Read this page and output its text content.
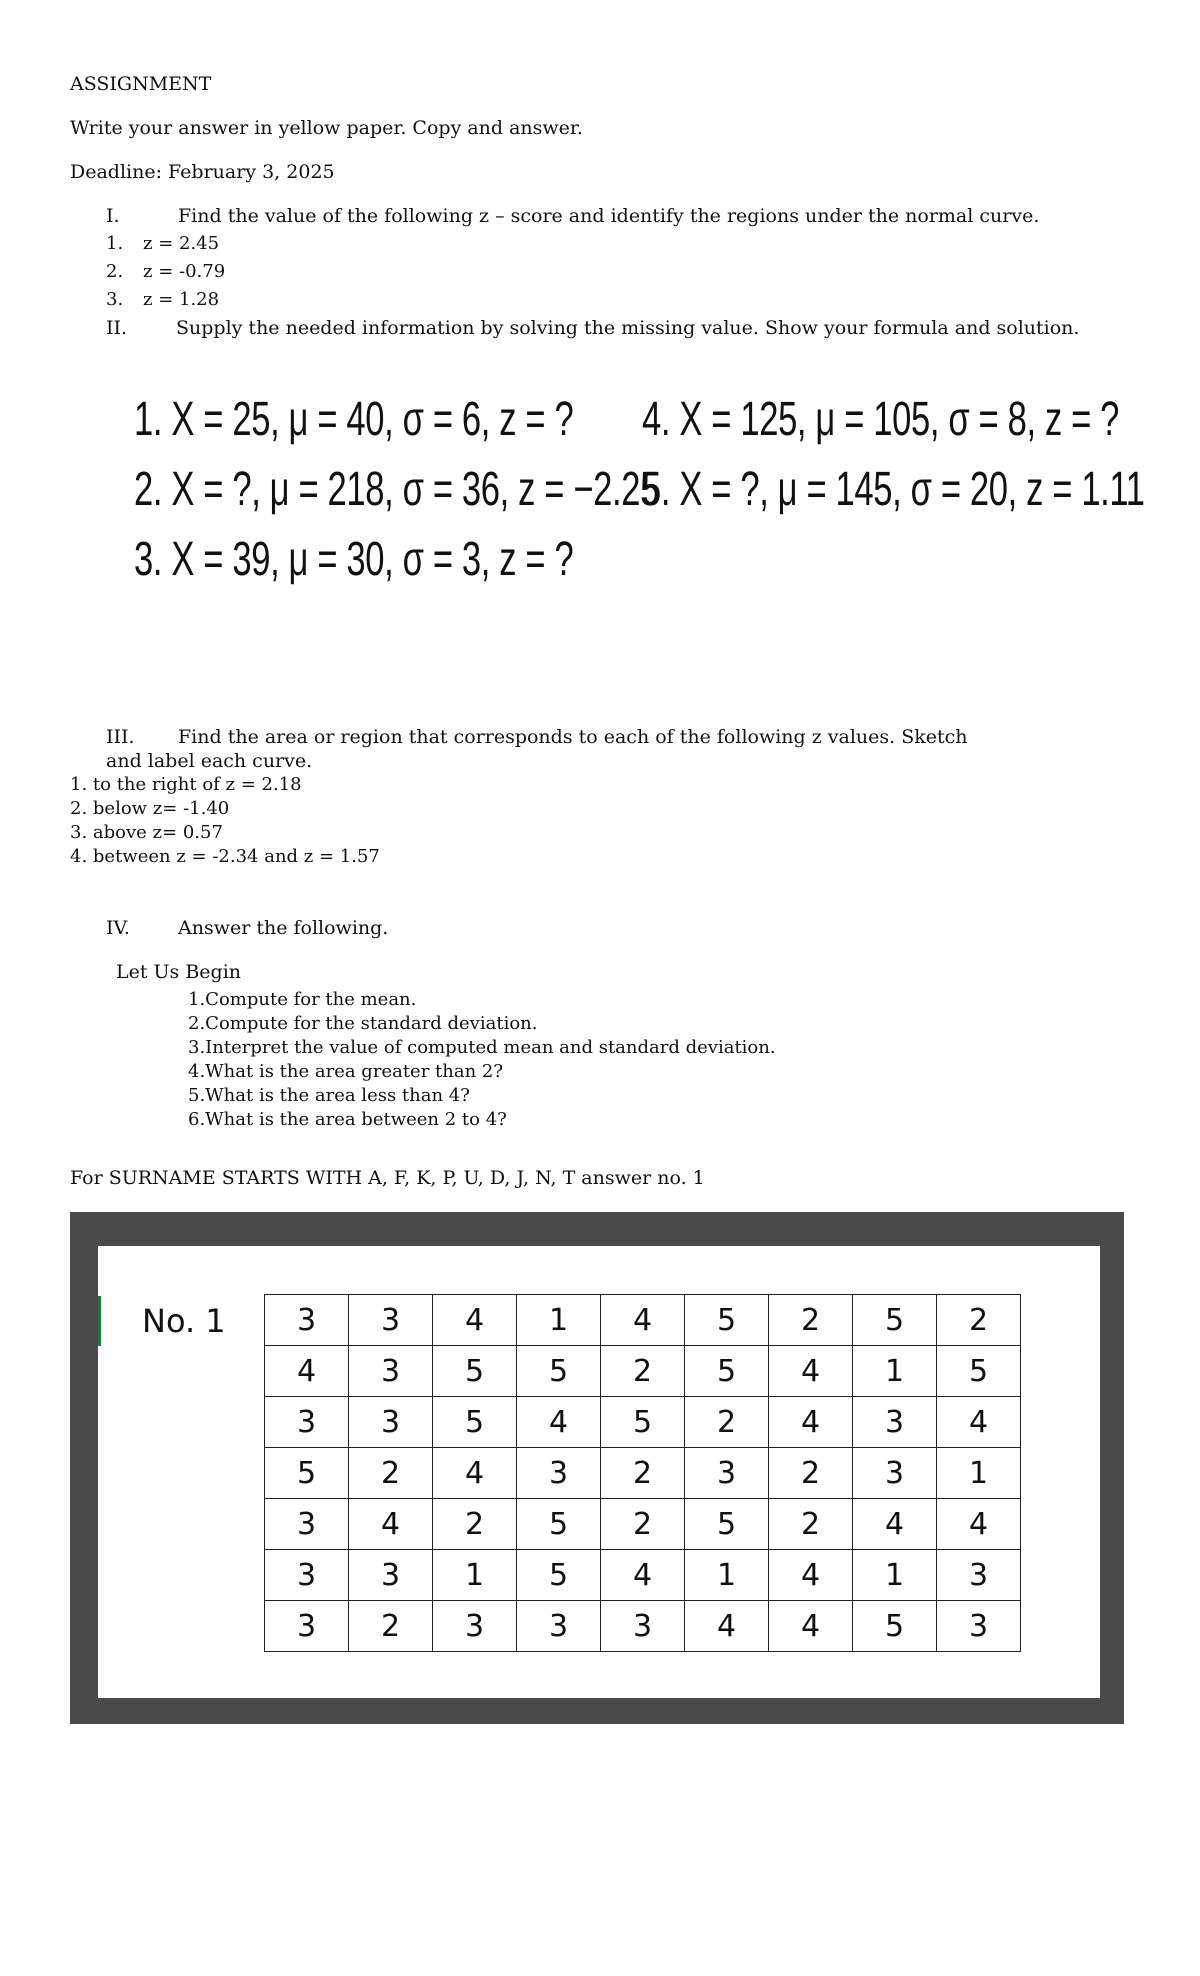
ASSIGNMENT
Write your answer in yellow paper. Copy and answer.
Deadline: February 3, 2025
I.	Find the value of the following z – score and identify the regions under the normal curve.
1. z = 2.45
2. z = -0.79
3. z = 1.28
II.	Supply the needed information by solving the missing value. Show your formula and solution.
1. X = 25, μ = 40, σ = 6, z = ?
2. X = ?, μ = 218, σ = 36, z = −2.25
3. X = 39, μ = 30, σ = 3, z = ?
4. X = 125, μ = 105, σ = 8, z = ?
5. X = ?, μ = 145, σ = 20, z = 1.11
III. Find the area or region that corresponds to each of the following z values. Sketch
and label each curve.
1. to the right of z = 2.18
2. below z= -1.40
3. above z= 0.57
4. between z = -2.34 and z = 1.57
IV.	Answer the following.
Let Us Begin
1.Compute for the mean.
2.Compute for the standard deviation.
3.Interpret the value of computed mean and standard deviation.
4.What is the area greater than 2?
5.What is the area less than 4?
6.What is the area between 2 to 4?
For SURNAME STARTS WITH A, F, K, P, U, D, J, N, T answer no. 1
No. 1 3	3	4	1	4	5	2	5	2
4	3	5	5	2	5	4	1	5
3	3	5	4	5	2	4	3	4
5	2	4	3	2	3	2	3	1
3	4	2	5	2	5	2	4	4
3	3	1	5	4	1	4	1	3
3	2	3	3	3	4	4	5	3
